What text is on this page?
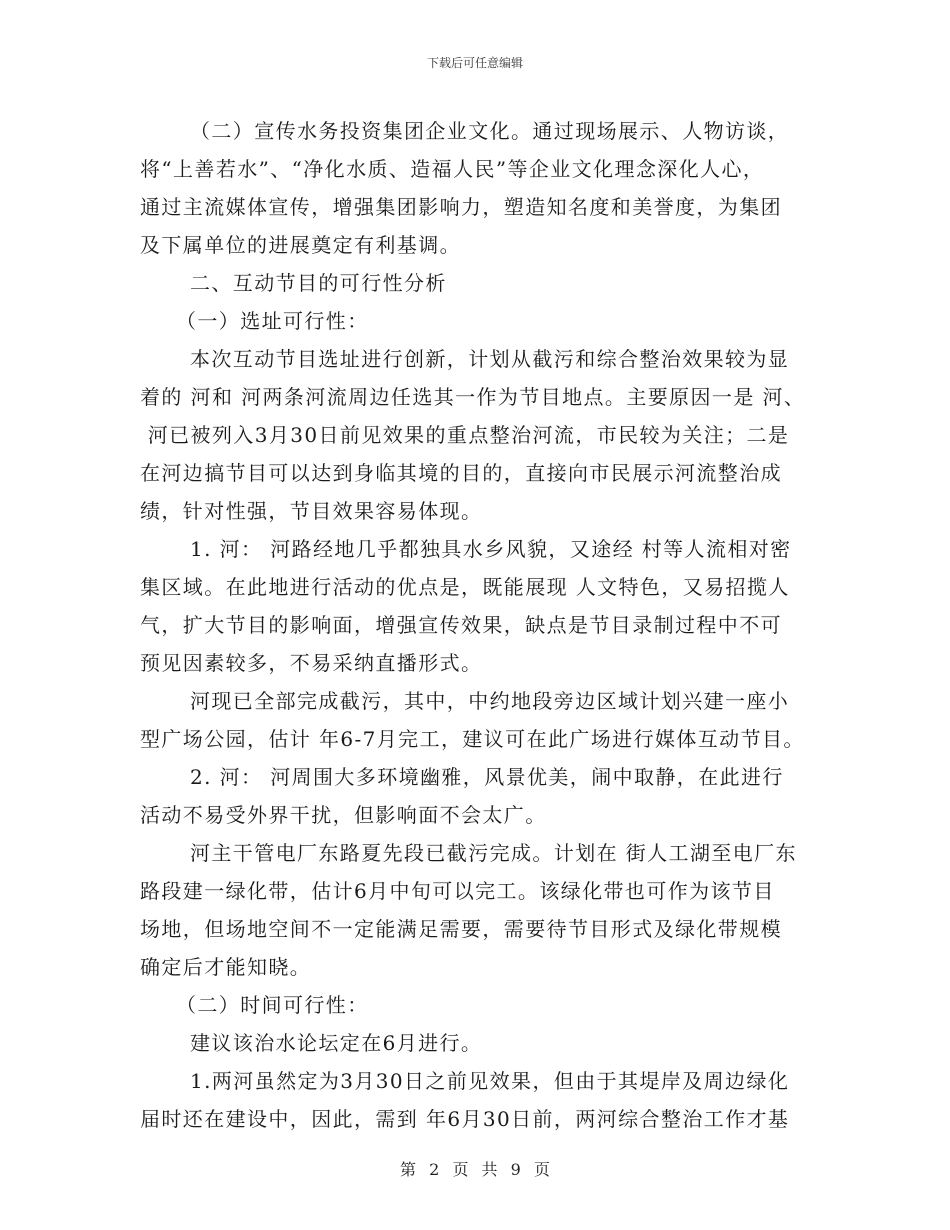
下载后可任意编辑
（二）宣传水务投资集团企业文化。通过现场展示、人物访谈，
将“上善若水”、“净化水质、造福人民”等企业文化理念深化人心，
通过主流媒体宣传，增强集团影响力，塑造知名度和美誉度，为集团
及下属单位的进展奠定有利基调。
二、互动节目的可行性分析
（一）选址可行性：
本次互动节目选址进行创新，计划从截污和综合整治效果较为显
着的 河和 河两条河流周边任选其一作为节目地点。主要原因一是 河、
河已被列入3月30日前见效果的重点整治河流，市民较为关注；二是
在河边搞节目可以达到身临其境的目的，直接向市民展示河流整治成
绩，针对性强，节目效果容易体现。
1. 河： 河路经地几乎都独具水乡风貌，又途经 村等人流相对密
集区域。在此地进行活动的优点是，既能展现 人文特色，又易招揽人
气，扩大节目的影响面，增强宣传效果，缺点是节目录制过程中不可
预见因素较多，不易采纳直播形式。
河现已全部完成截污，其中，中约地段旁边区域计划兴建一座小
型广场公园，估计 年6-7月完工，建议可在此广场进行媒体互动节目。
2. 河： 河周围大多环境幽雅，风景优美，闹中取静，在此进行
活动不易受外界干扰，但影响面不会太广。
河主干管电厂东路夏先段已截污完成。计划在 街人工湖至电厂东
路段建一绿化带，估计6月中旬可以完工。该绿化带也可作为该节目
场地，但场地空间不一定能满足需要，需要待节目形式及绿化带规模
确定后才能知晓。
（二）时间可行性：
建议该治水论坛定在6月进行。
1.两河虽然定为3月30日之前见效果，但由于其堤岸及周边绿化
届时还在建设中，因此，需到 年6月30日前，两河综合整治工作才基
第 2 页 共 9 页
